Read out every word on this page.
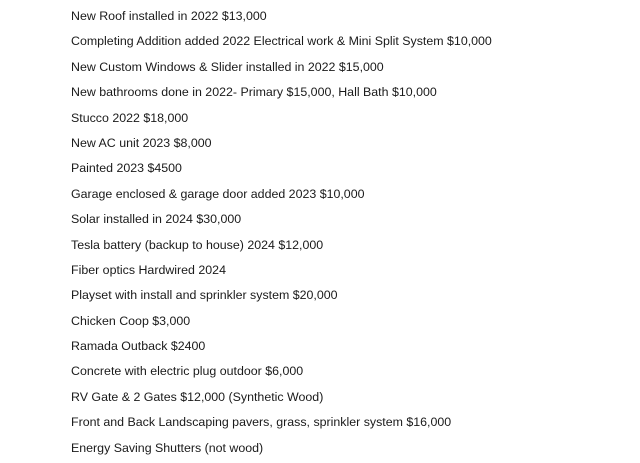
New Roof installed in 2022 $13,000
Completing Addition added 2022 Electrical work & Mini Split System $10,000
New Custom Windows & Slider installed in 2022 $15,000
New bathrooms done in 2022- Primary $15,000, Hall Bath $10,000
Stucco 2022 $18,000
New AC unit 2023 $8,000
Painted 2023 $4500
Garage enclosed & garage door added 2023 $10,000
Solar installed in 2024 $30,000
Tesla battery (backup to house) 2024 $12,000
Fiber optics Hardwired 2024
Playset with install and sprinkler system $20,000
Chicken Coop $3,000
Ramada Outback $2400
Concrete with electric plug outdoor $6,000
RV Gate & 2 Gates $12,000 (Synthetic Wood)
Front and Back Landscaping pavers, grass, sprinkler system $16,000
Energy Saving Shutters (not wood)
